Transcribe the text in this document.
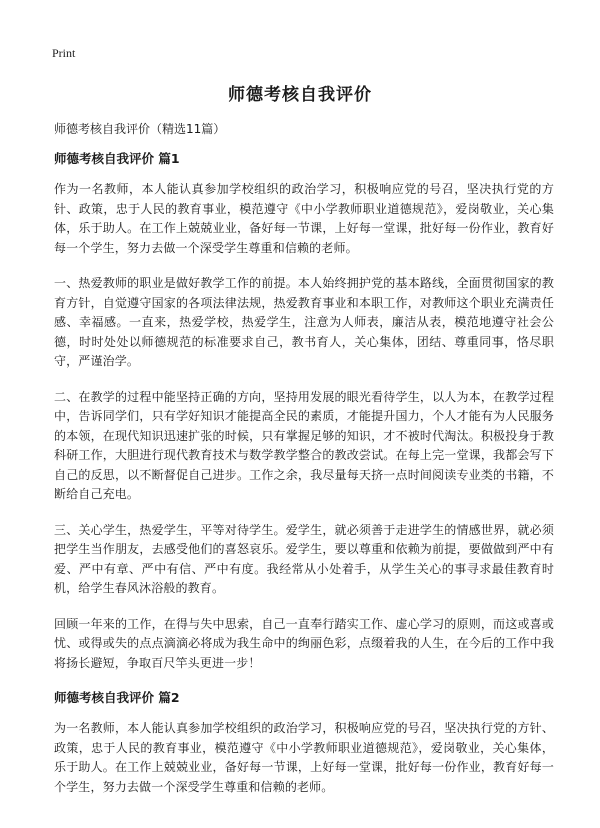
Print
师德考核自我评价

师德考核自我评价（精选11篇）

师德考核自我评价 篇1

作为一名教师，本人能认真参加学校组织的政治学习，积极响应党的号召，坚决执行党的方针、政策，忠于人民的教育事业，模范遵守《中小学教师职业道德规范》，爱岗敬业，关心集体，乐于助人。在工作上兢兢业业，备好每一节课，上好每一堂课，批好每一份作业，教育好每一个学生，努力去做一个深受学生尊重和信赖的老师。

一、热爱教师的职业是做好教学工作的前提。本人始终拥护党的基本路线，全面贯彻国家的教育方针，自觉遵守国家的各项法律法规，热爱教育事业和本职工作，对教师这个职业充满责任感、幸福感。一直来，热爱学校，热爱学生，注意为人师表，廉洁从表，模范地遵守社会公德，时时处处以师德规范的标准要求自己，教书育人，关心集体，团结、尊重同事，恪尽职守，严谨治学。

二、在教学的过程中能坚持正确的方向，坚持用发展的眼光看待学生，以人为本，在教学过程中，告诉同学们，只有学好知识才能提高全民的素质，才能提升国力，个人才能有为人民服务的本领，在现代知识迅速扩张的时候，只有掌握足够的知识，才不被时代淘汰。积极投身于教科研工作，大胆进行现代教育技术与数学教学整合的教改尝试。在每上完一堂课，我都会写下自己的反思，以不断督促自己进步。工作之余，我尽量每天挤一点时间阅读专业类的书籍，不断给自己充电。

三、关心学生，热爱学生，平等对待学生。爱学生，就必须善于走进学生的情感世界，就必须把学生当作朋友，去感受他们的喜怒哀乐。爱学生，要以尊重和依赖为前提，要做做到严中有爱、严中有章、严中有信、严中有度。我经常从小处着手，从学生关心的事寻求最佳教育时机，给学生春风沐浴般的教育。

回顾一年来的工作，在得与失中思索，自己一直奉行踏实工作、虚心学习的原则，而这或喜或忧、或得或失的点点滴滴必将成为我生命中的绚丽色彩，点缀着我的人生，在今后的工作中我将扬长避短，争取百尺竿头更进一步！

师德考核自我评价 篇2

为一名教师，本人能认真参加学校组织的政治学习，积极响应党的号召，坚决执行党的方针、政策，忠于人民的教育事业，模范遵守《中小学教师职业道德规范》，爱岗敬业，关心集体，乐于助人。在工作上兢兢业业，备好每一节课，上好每一堂课，批好每一份作业，教育好每一个学生，努力去做一个深受学生尊重和信赖的老师。
